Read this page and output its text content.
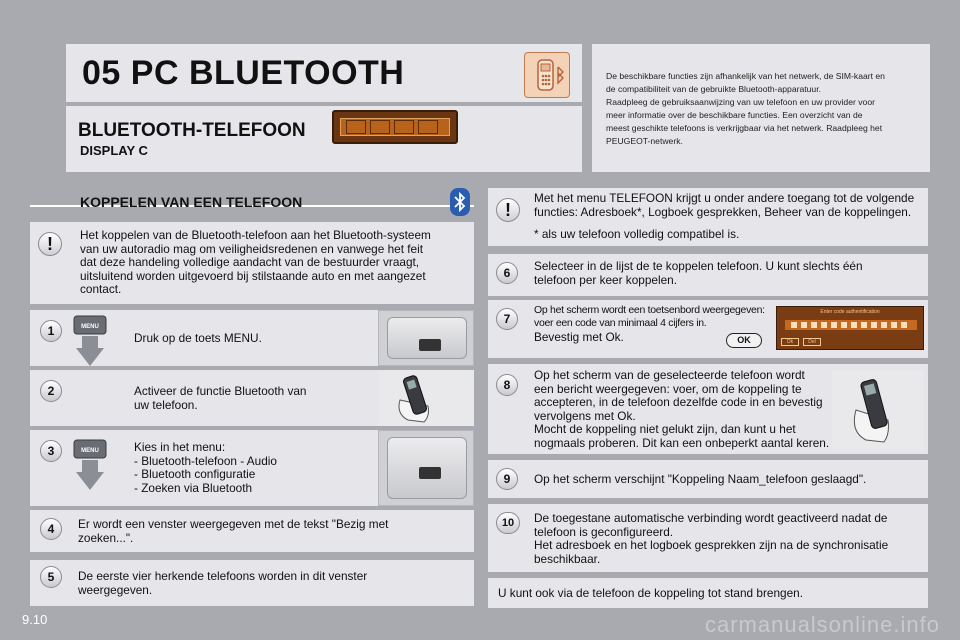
05 PC BLUETOOTH
BLUETOOTH-TELEFOON
DISPLAY C
De beschikbare functies zijn afhankelijk van het netwerk, de SIM-kaart en
de compatibiliteit van de gebruikte Bluetooth-apparatuur.
Raadpleeg de gebruiksaanwijzing van uw telefoon en uw provider voor
meer informatie over de beschikbare functies. Een overzicht van de
meest geschikte telefoons is verkrijgbaar via het netwerk. Raadpleeg het
PEUGEOT-netwerk.
KOPPELEN VAN EEN TELEFOON
!	Het koppelen van de Bluetooth-telefoon aan het Bluetooth-systeem
van uw autoradio mag om veiligheidsredenen en vanwege het feit
dat deze handeling volledige aandacht van de bestuurder vraagt,
uitsluitend worden uitgevoerd bij stilstaande auto en met aangezet
contact.
1	MENU
Druk op de toets MENU.
2	Activeer de functie Bluetooth van
uw telefoon.
3	MENU	Kies in het menu:
- Bluetooth-telefoon - Audio
- Bluetooth configuratie
- Zoeken via Bluetooth
4	Er wordt een venster weergegeven met de tekst "Bezig met
zoeken...".
5	De eerste vier herkende telefoons worden in dit venster
weergegeven.
!
Met het menu TELEFOON krijgt u onder andere toegang tot de volgende
functies: Adresboek*, Logboek gesprekken, Beheer van de koppelingen.
* als uw telefoon volledig compatibel is.
6	Selecteer in de lijst de te koppelen telefoon. U kunt slechts één
telefoon per keer koppelen.
7
Op het scherm wordt een toetsenbord weergegeven:
voer een code van minimaal 4 cijfers in.
Bevestig met Ok.	OK
Enter code authentification
Ok	Del
8
Op het scherm van de geselecteerde telefoon wordt
een bericht weergegeven: voer, om de koppeling te
accepteren, in de telefoon dezelfde code in en bevestig
vervolgens met Ok.
Mocht de koppeling niet gelukt zijn, dan kunt u het
nogmaals proberen. Dit kan een onbeperkt aantal keren.
9	Op het scherm verschijnt "Koppeling Naam_telefoon geslaagd".
10	De toegestane automatische verbinding wordt geactiveerd nadat de
telefoon is geconfigureerd.
Het adresboek en het logboek gesprekken zijn na de synchronisatie
beschikbaar.
U kunt ook via de telefoon de koppeling tot stand brengen.
9.10	carmanualsonline.info
